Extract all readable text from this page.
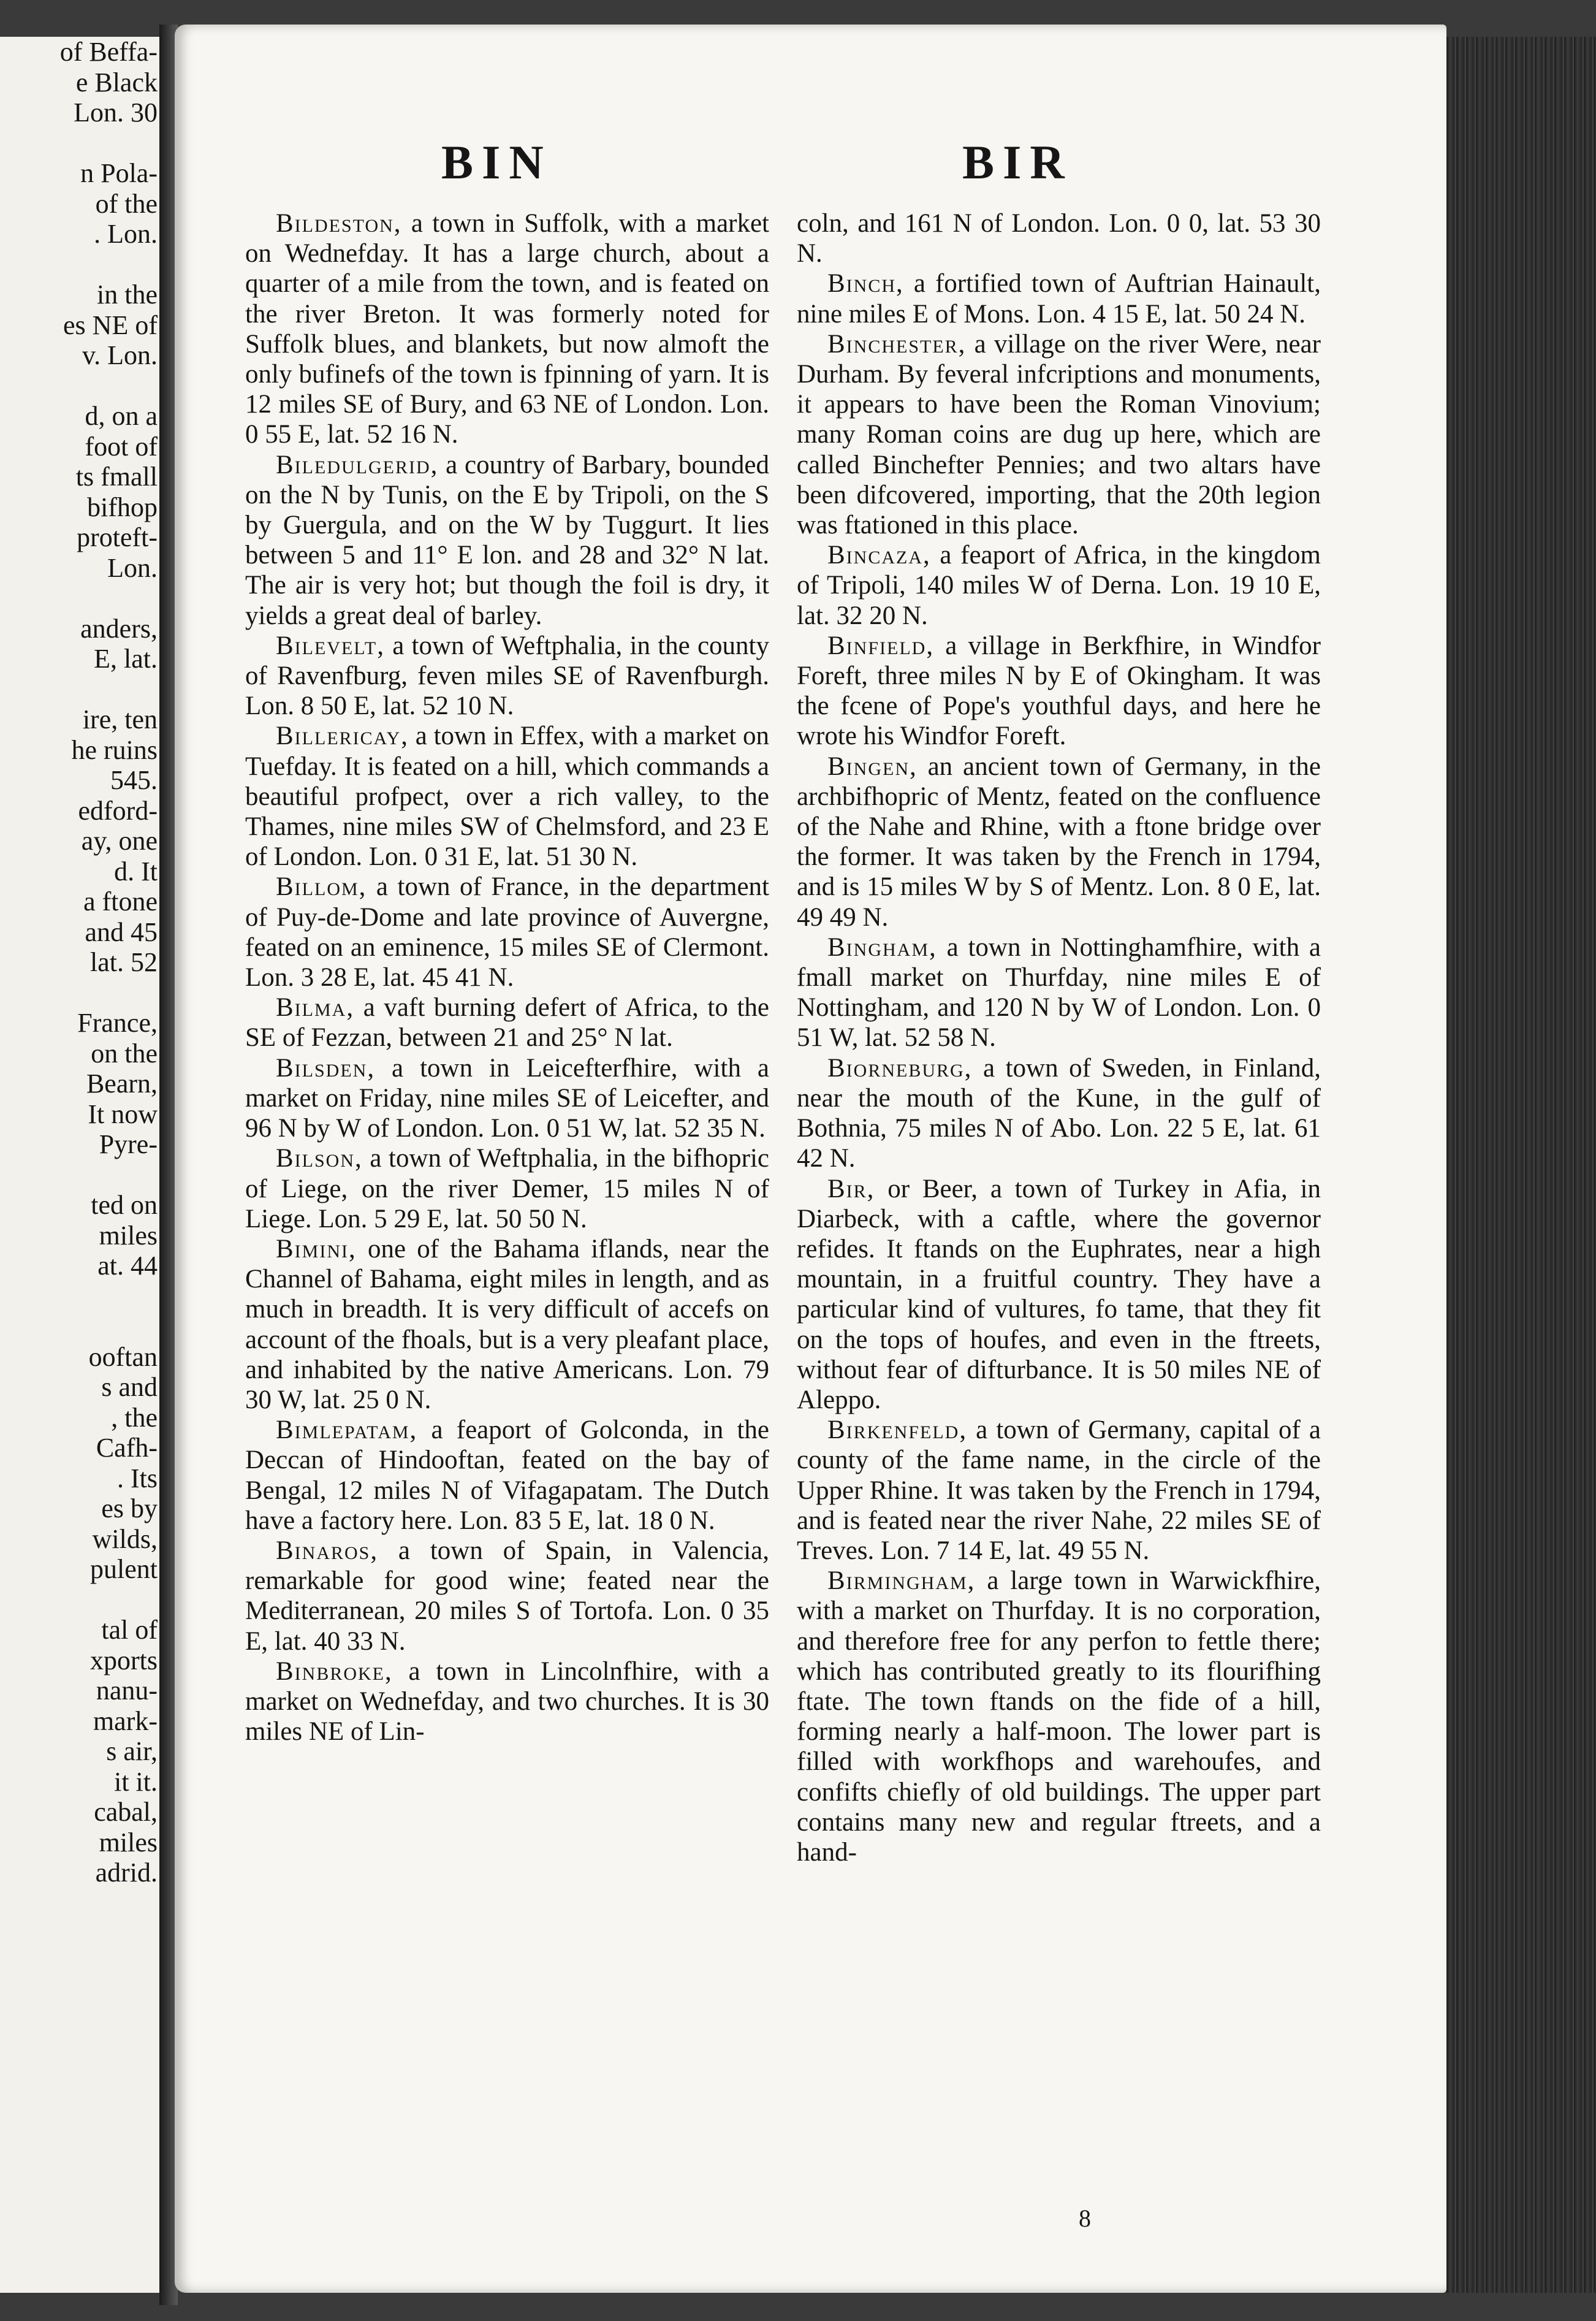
of Beffa-
e Black
Lon. 30

n Pola-
of the
. Lon.

in the
es NE of
v. Lon.

d, on a
foot of
ts fmall
bifhop
proteft-
Lon.

anders,
E, lat.

ire, ten
he ruins
545.
edford-
ay, one
d. It
a ftone
and 45
lat. 52

France,
on the
Bearn,
It now
Pyre-

ted on
miles
at. 44

ooftan
s and
, the
Cafh-
. Its
es by
wilds,
pulent

tal of
xports
nanu-
mark-
s air,
it it.
cabal,
miles
adrid.
BIN	BIR

Bildeston, a town in Suffolk, with a market on Wednefday. It has a large church, about a quarter of a mile from the town, and is feated on the river Breton. It was formerly noted for Suffolk blues, and blankets, but now almoft the only bufinefs of the town is fpinning of yarn. It is 12 miles SE of Bury, and 63 NE of London. Lon. 0 55 E, lat. 52 16 N.

Biledulgerid, a country of Barbary, bounded on the N by Tunis, on the E by Tripoli, on the S by Guergula, and on the W by Tuggurt. It lies between 5 and 11° E lon. and 28 and 32° N lat. The air is very hot; but though the foil is dry, it yields a great deal of barley.

Bilevelt, a town of Weftphalia, in the county of Ravenfburg, feven miles SE of Ravenfburgh. Lon. 8 50 E, lat. 52 10 N.

Billericay, a town in Effex, with a market on Tuefday. It is feated on a hill, which commands a beautiful profpect, over a rich valley, to the Thames, nine miles SW of Chelmsford, and 23 E of London. Lon. 0 31 E, lat. 51 30 N.

Billom, a town of France, in the department of Puy-de-Dome and late province of Auvergne, feated on an eminence, 15 miles SE of Clermont. Lon. 3 28 E, lat. 45 41 N.

Bilma, a vaft burning defert of Africa, to the SE of Fezzan, between 21 and 25° N lat.

Bilsden, a town in Leicefterfhire, with a market on Friday, nine miles SE of Leicefter, and 96 N by W of London. Lon. 0 51 W, lat. 52 35 N.

Bilson, a town of Weftphalia, in the bifhopric of Liege, on the river Demer, 15 miles N of Liege. Lon. 5 29 E, lat. 50 50 N.

Bimini, one of the Bahama iflands, near the Channel of Bahama, eight miles in length, and as much in breadth. It is very difficult of accefs on account of the fhoals, but is a very pleafant place, and inhabited by the native Americans. Lon. 79 30 W, lat. 25 0 N.

Bimlepatam, a feaport of Golconda, in the Deccan of Hindooftan, feated on the bay of Bengal, 12 miles N of Vifagapatam. The Dutch have a factory here. Lon. 83 5 E, lat. 18 0 N.

Binaros, a town of Spain, in Valencia, remarkable for good wine; feated near the Mediterranean, 20 miles S of Tortofa. Lon. 0 35 E, lat. 40 33 N.

Binbroke, a town in Lincolnfhire, with a market on Wednefday, and two churches. It is 30 miles NE of Lin-

coln, and 161 N of London. Lon. 0 0, lat. 53 30 N.

Binch, a fortified town of Auftrian Hainault, nine miles E of Mons. Lon. 4 15 E, lat. 50 24 N.

Binchester, a village on the river Were, near Durham. By feveral infcriptions and monuments, it appears to have been the Roman Vinovium; many Roman coins are dug up here, which are called Binchefter Pennies; and two altars have been difcovered, importing, that the 20th legion was ftationed in this place.

Bincaza, a feaport of Africa, in the kingdom of Tripoli, 140 miles W of Derna. Lon. 19 10 E, lat. 32 20 N.

Binfield, a village in Berkfhire, in Windfor Foreft, three miles N by E of Okingham. It was the fcene of Pope's youthful days, and here he wrote his Windfor Foreft.

Bingen, an ancient town of Germany, in the archbifhopric of Mentz, feated on the confluence of the Nahe and Rhine, with a ftone bridge over the former. It was taken by the French in 1794, and is 15 miles W by S of Mentz. Lon. 8 0 E, lat. 49 49 N.

Bingham, a town in Nottinghamfhire, with a fmall market on Thurfday, nine miles E of Nottingham, and 120 N by W of London. Lon. 0 51 W, lat. 52 58 N.

Biorneburg, a town of Sweden, in Finland, near the mouth of the Kune, in the gulf of Bothnia, 75 miles N of Abo. Lon. 22 5 E, lat. 61 42 N.

Bir, or Beer, a town of Turkey in Afia, in Diarbeck, with a caftle, where the governor refides. It ftands on the Euphrates, near a high mountain, in a fruitful country. They have a particular kind of vultures, fo tame, that they fit on the tops of houfes, and even in the ftreets, without fear of difturbance. It is 50 miles NE of Aleppo.

Birkenfeld, a town of Germany, capital of a county of the fame name, in the circle of the Upper Rhine. It was taken by the French in 1794, and is feated near the river Nahe, 22 miles SE of Treves. Lon. 7 14 E, lat. 49 55 N.

Birmingham, a large town in Warwickfhire, with a market on Thurfday. It is no corporation, and therefore free for any perfon to fettle there; which has contributed greatly to its flourifhing ftate. The town ftands on the fide of a hill, forming nearly a half-moon. The lower part is filled with workfhops and warehoufes, and confifts chiefly of old buildings. The upper part contains many new and regular ftreets, and a hand-

8
